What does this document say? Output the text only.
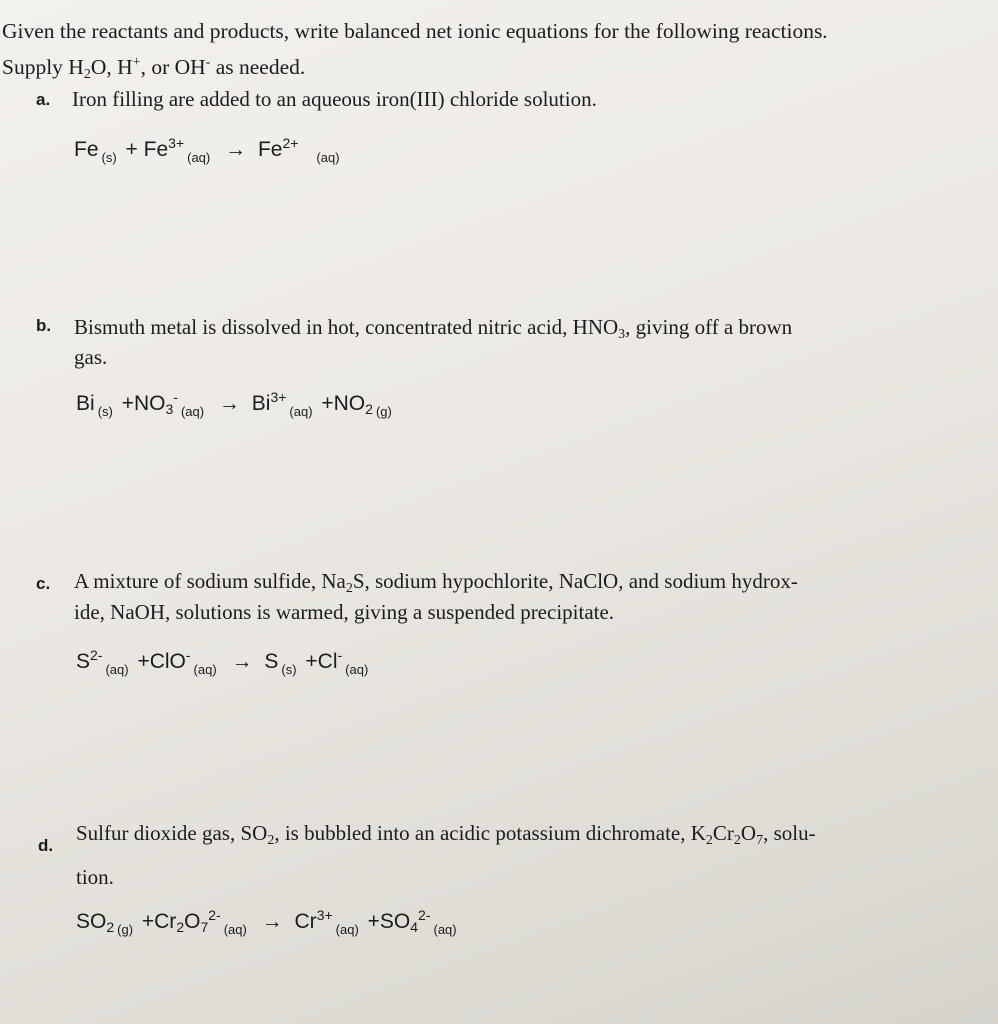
Given the reactants and products, write balanced net ionic equations for the following reactions.
Supply $H_2O$, H+, or OH- as needed.
a. Iron filling are added to an aqueous iron(III) chloride solution.
Fe $_{(s)} + Fe^{3+}_{(aq)} \to Fe^{2+}_{(aq)}$
b. Bismuth metal is dissolved in hot, concentrated nitric acid, $HNO_3$, giving off a brown
gas.
Bi $_{(s)} +NO_3^-_{(aq)} \to Bi^{3+}_{(aq)} +NO_2$ $_{(g)}$
c. A mixture of sodium sulfide, $Na_2S$, sodium hypochlorite, NaClO, and sodium hydrox-
ide, NaOH, solutions is warmed, giving a suspended precipitate.
$S^{2-}_{(aq)} +ClO^-_{(aq)} \to S$ $_{(s)} +Cl^-_{(aq)}$
d.
Sulfur dioxide gas, $SO_2$, is bubbled into an acidic potassium dichromate, $K_2Cr_2O_7$, solu-
tion.
$SO_2$ $_{(g)} +Cr_2O_7^{2-}_{(aq)} \to Cr^{3+}_{(aq)} +SO_4^{2-}_{(aq)}$
